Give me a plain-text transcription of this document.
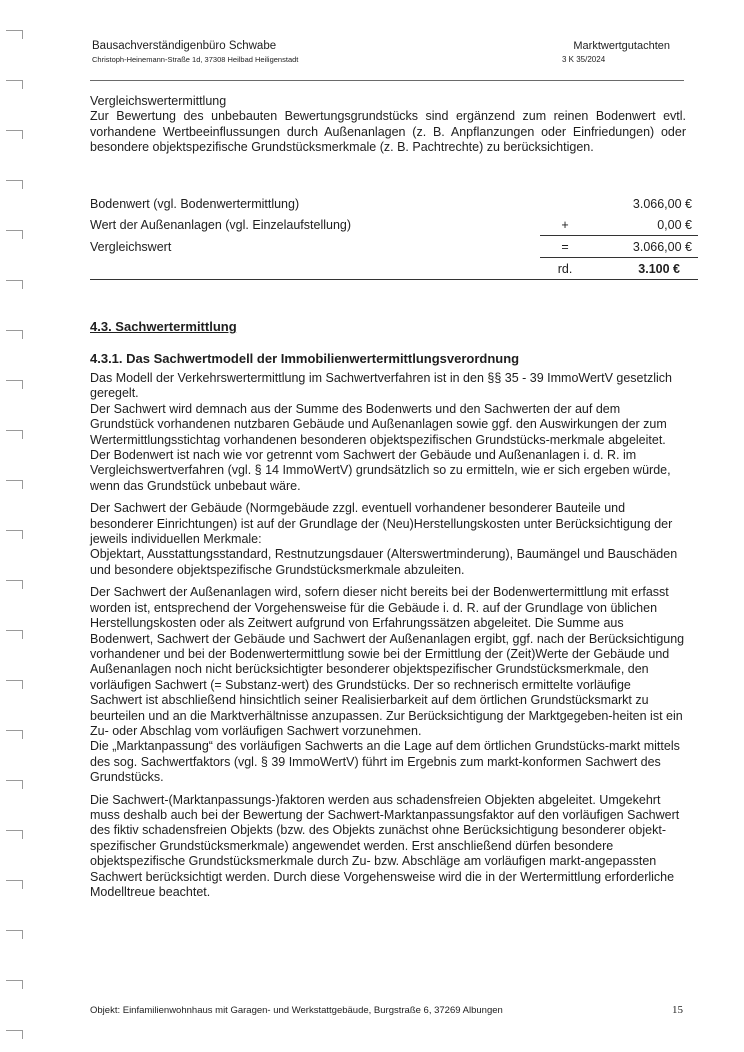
Bausachverständigenbüro Schwabe
Christoph-Heinemann-Straße 1d, 37308 Heilbad Heiligenstadt
Marktwertgutachten
3 K 35/2024

Vergleichswertermittlung

Zur Bewertung des unbebauten Bewertungsgrundstücks sind ergänzend zum reinen Bodenwert evtl. vorhandene Wertbeeinflussungen durch Außenanlagen (z. B. Anpflanzungen oder Einfriedungen) oder besondere objektspezifische Grundstücksmerkmale (z. B. Pachtrechte) zu berücksichtigen.

Bodenwert (vgl. Bodenwertermittlung)		3.066,00 €
Wert der Außenanlagen (vgl. Einzelaufstellung)	+	0,00 €
Vergleichswert	=	3.066,00 €
	rd.	3.100 €
4.3. Sachwertermittlung
4.3.1. Das Sachwertmodell der Immobilienwertermittlungsverordnung

Das Modell der Verkehrswertermittlung im Sachwertverfahren ist in den §§ 35 - 39 ImmoWertV gesetzlich geregelt.

Der Sachwert wird demnach aus der Summe des Bodenwerts und den Sachwerten der auf dem Grundstück vorhandenen nutzbaren Gebäude und Außenanlagen sowie ggf. den Auswirkungen der zum Wertermittlungsstichtag vorhandenen besonderen objektspezifischen Grundstücks-merkmale abgeleitet.

Der Bodenwert ist nach wie vor getrennt vom Sachwert der Gebäude und Außenanlagen i. d. R. im Vergleichswertverfahren (vgl. § 14 ImmoWertV) grundsätzlich so zu ermitteln, wie er sich ergeben würde, wenn das Grundstück unbebaut wäre.

Der Sachwert der Gebäude (Normgebäude zzgl. eventuell vorhandener besonderer Bauteile und besonderer Einrichtungen) ist auf der Grundlage der (Neu)Herstellungskosten unter Berücksichtigung der jeweils individuellen Merkmale:

Objektart, Ausstattungsstandard, Restnutzungsdauer (Alterswertminderung), Baumängel und Bauschäden und besondere objektspezifische Grundstücksmerkmale abzuleiten.

Der Sachwert der Außenanlagen wird, sofern dieser nicht bereits bei der Bodenwertermittlung mit erfasst worden ist, entsprechend der Vorgehensweise für die Gebäude i. d. R. auf der Grundlage von üblichen Herstellungskosten oder als Zeitwert aufgrund von Erfahrungssätzen abgeleitet. Die Summe aus Bodenwert, Sachwert der Gebäude und Sachwert der Außenanlagen ergibt, ggf. nach der Berücksichtigung vorhandener und bei der Bodenwertermittlung sowie bei der Ermittlung der (Zeit)Werte der Gebäude und Außenanlagen noch nicht berücksichtigter besonderer objektspezifischer Grundstücksmerkmale, den vorläufigen Sachwert (= Substanz-wert) des Grundstücks. Der so rechnerisch ermittelte vorläufige Sachwert ist abschließend hinsichtlich seiner Realisierbarkeit auf dem örtlichen Grundstücksmarkt zu beurteilen und an die Marktverhältnisse anzupassen. Zur Berücksichtigung der Marktgegeben-heiten ist ein Zu- oder Abschlag vom vorläufigen Sachwert vorzunehmen.

Die „Marktanpassung“ des vorläufigen Sachwerts an die Lage auf dem örtlichen Grundstücks-markt mittels des sog. Sachwertfaktors (vgl. § 39 ImmoWertV) führt im Ergebnis zum markt-konformen Sachwert des Grundstücks.

Die Sachwert-(Marktanpassungs-)faktoren werden aus schadensfreien Objekten abgeleitet. Umgekehrt muss deshalb auch bei der Bewertung der Sachwert-Marktanpassungsfaktor auf den vorläufigen Sachwert des fiktiv schadensfreien Objekts (bzw. des Objekts zunächst ohne Berücksichtigung besonderer objekt-spezifischer Grundstücksmerkmale) angewendet werden. Erst anschließend dürfen besondere objektspezifische Grundstücksmerkmale durch Zu- bzw. Abschläge am vorläufigen markt-angepassten Sachwert berücksichtigt werden. Durch diese Vorgehensweise wird die in der Wertermittlung erforderliche Modelltreue beachtet.

Objekt: Einfamilienwohnhaus mit Garagen- und Werkstattgebäude, Burgstraße 6, 37269 Albungen	15
